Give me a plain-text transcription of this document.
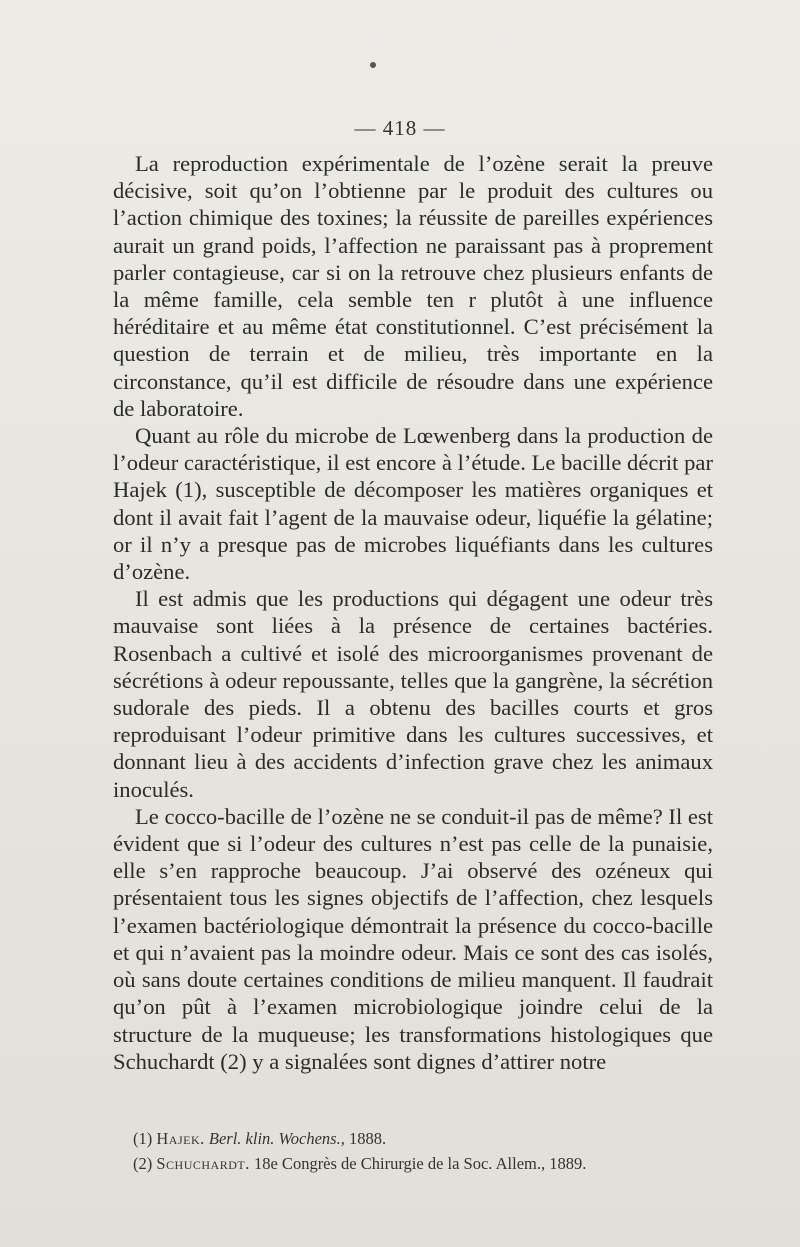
— 418 —

La reproduction expérimentale de l’ozène serait la preuve décisive, soit qu’on l’obtienne par le produit des cultures ou l’action chimique des toxines; la réussite de pareilles expériences aurait un grand poids, l’affection ne paraissant pas à proprement parler contagieuse, car si on la retrouve chez plusieurs enfants de la même famille, cela semble ten r plutôt à une influence héréditaire et au même état constitutionnel. C’est précisément la question de terrain et de milieu, très importante en la circonstance, qu’il est difficile de résoudre dans une expérience de laboratoire.

Quant au rôle du microbe de Lœwenberg dans la production de l’odeur caractéristique, il est encore à l’étude. Le bacille décrit par Hajek (1), susceptible de décomposer les matières organiques et dont il avait fait l’agent de la mauvaise odeur, liquéfie la gélatine; or il n’y a presque pas de microbes liquéfiants dans les cultures d’ozène.

Il est admis que les productions qui dégagent une odeur très mauvaise sont liées à la présence de certaines bactéries. Rosenbach a cultivé et isolé des microorganismes provenant de sécrétions à odeur repoussante, telles que la gangrène, la sécrétion sudorale des pieds. Il a obtenu des bacilles courts et gros reproduisant l’odeur primitive dans les cultures successives, et donnant lieu à des accidents d’infection grave chez les animaux inoculés.

Le cocco-bacille de l’ozène ne se conduit-il pas de même? Il est évident que si l’odeur des cultures n’est pas celle de la punaisie, elle s’en rapproche beaucoup. J’ai observé des ozéneux qui présentaient tous les signes objectifs de l’affection, chez lesquels l’examen bactériologique démontrait la présence du cocco-bacille et qui n’avaient pas la moindre odeur. Mais ce sont des cas isolés, où sans doute certaines conditions de milieu manquent. Il faudrait qu’on pût à l’examen microbiologique joindre celui de la structure de la muqueuse; les transformations histologiques que Schuchardt (2) y a signalées sont dignes d’attirer notre

(1) Hajek. Berl. klin. Wochens., 1888.
(2) Schuchardt. 18e Congrès de Chirurgie de la Soc. Allem., 1889.
